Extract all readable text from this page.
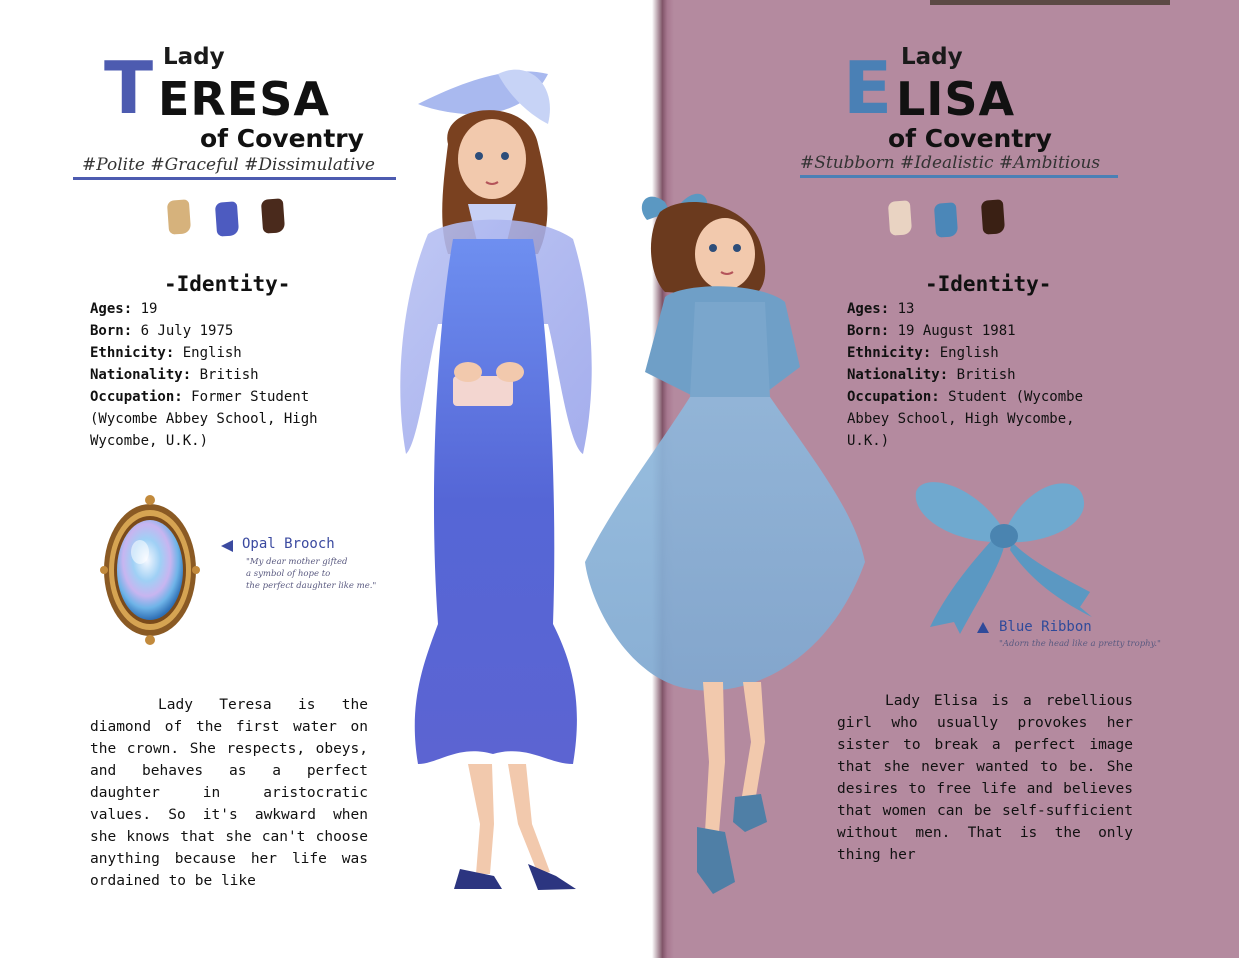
Lady
T ERESA
of Coventry
#Polite #Graceful #Dissimulative
-Identity-
Ages: 19
Born: 6 July 1975
Ethnicity: English
Nationality: British
Occupation: Former Student
(Wycombe Abbey School, High
Wycombe, U.K.)
Opal Brooch
"My dear mother gifted
a symbol of hope to
the perfect daughter like me."

Lady Teresa is the diamond of the first water on the crown. She respects, obeys, and behaves as a perfect daughter in aristocratic values. So it's awkward when she knows that she can't choose anything because her life was ordained to be like

Lady
E LISA
of Coventry
#Stubborn #Idealistic #Ambitious
-Identity-
Ages: 13
Born: 19 August 1981
Ethnicity: English
Nationality: British
Occupation: Student (Wycombe
Abbey School, High Wycombe,
U.K.)
Blue Ribbon
"Adorn the head like a pretty trophy."

Lady Elisa is a rebellious girl who usually provokes her sister to break a perfect image that she never wanted to be. She desires to free life and believes that women can be self-sufficient without men. That is the only thing her
